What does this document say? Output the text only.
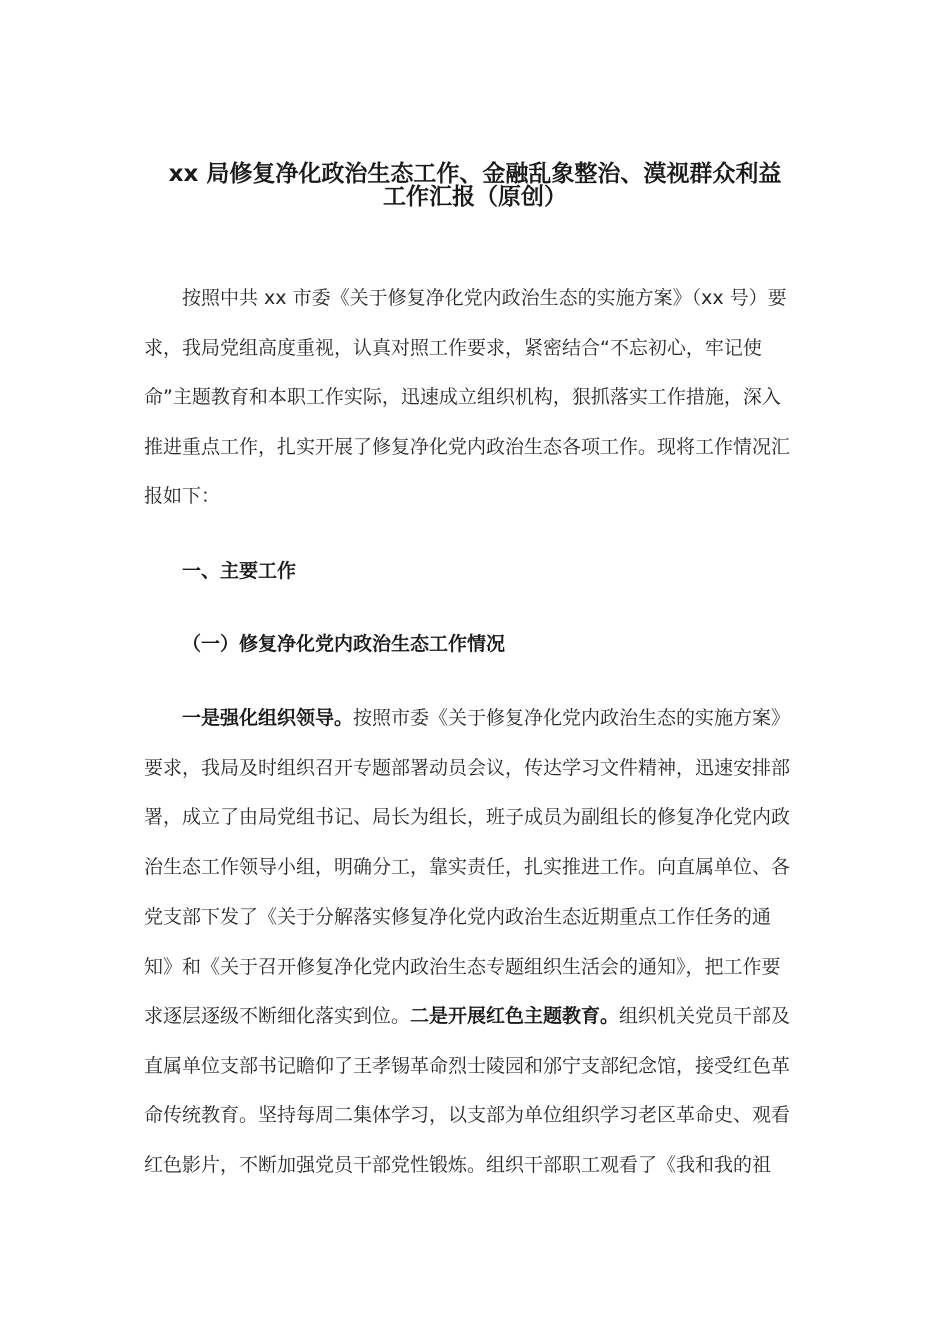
xx 局修复净化政治生态工作、金融乱象整治、漠视群众利益
工作汇报（原创）
按照中共 xx 市委《关于修复净化党内政治生态的实施方案》（xx 号）要
求，我局党组高度重视，认真对照工作要求，紧密结合“不忘初心，牢记使
命”主题教育和本职工作实际，迅速成立组织机构，狠抓落实工作措施，深入
推进重点工作，扎实开展了修复净化党内政治生态各项工作。现将工作情况汇
报如下：
一、主要工作
（一）修复净化党内政治生态工作情况
一是强化组织领导。按照市委《关于修复净化党内政治生态的实施方案》
要求，我局及时组织召开专题部署动员会议，传达学习文件精神，迅速安排部
署，成立了由局党组书记、局长为组长，班子成员为副组长的修复净化党内政
治生态工作领导小组，明确分工，靠实责任，扎实推进工作。向直属单位、各
党支部下发了《关于分解落实修复净化党内政治生态近期重点工作任务的通
知》和《关于召开修复净化党内政治生态专题组织生活会的通知》，把工作要
求逐层逐级不断细化落实到位。二是开展红色主题教育。组织机关党员干部及
直属单位支部书记瞻仰了王孝锡革命烈士陵园和邠宁支部纪念馆，接受红色革
命传统教育。坚持每周二集体学习，以支部为单位组织学习老区革命史、观看
红色影片，不断加强党员干部党性锻炼。组织干部职工观看了《我和我的祖
